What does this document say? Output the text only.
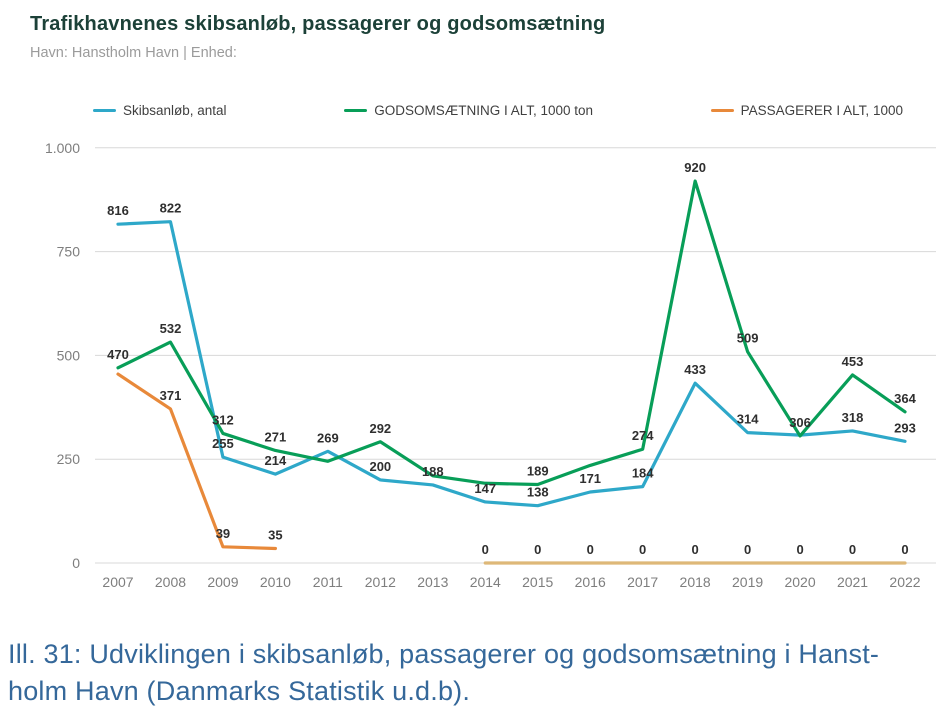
Trafikhavnenes skibsanløb, passagerer og godsomsætning
Havn: Hanstholm Havn | Enhed:
Skibsanløb, antal	GODSOMSÆTNING I ALT, 1000 ton	PASSAGERER I ALT, 1000
0
250
500
750
1.000
2007 2008 2009 2010 2011 2012 2013 2014 2015 2016 2017 2018 2019 2020 2021 2022
816 822
255
214
269
200 188
147 138
171 184
433
314	318
293
470
532
312
271
292
189
274
920
509
306
453
364
371
39	35
0	0	0	0	0	0	0	0	0
Ill. 31: Udviklingen i skibsanløb, passagerer og godsomsætning i Hanst-
holm Havn (Danmarks Statistik u.d.b).
